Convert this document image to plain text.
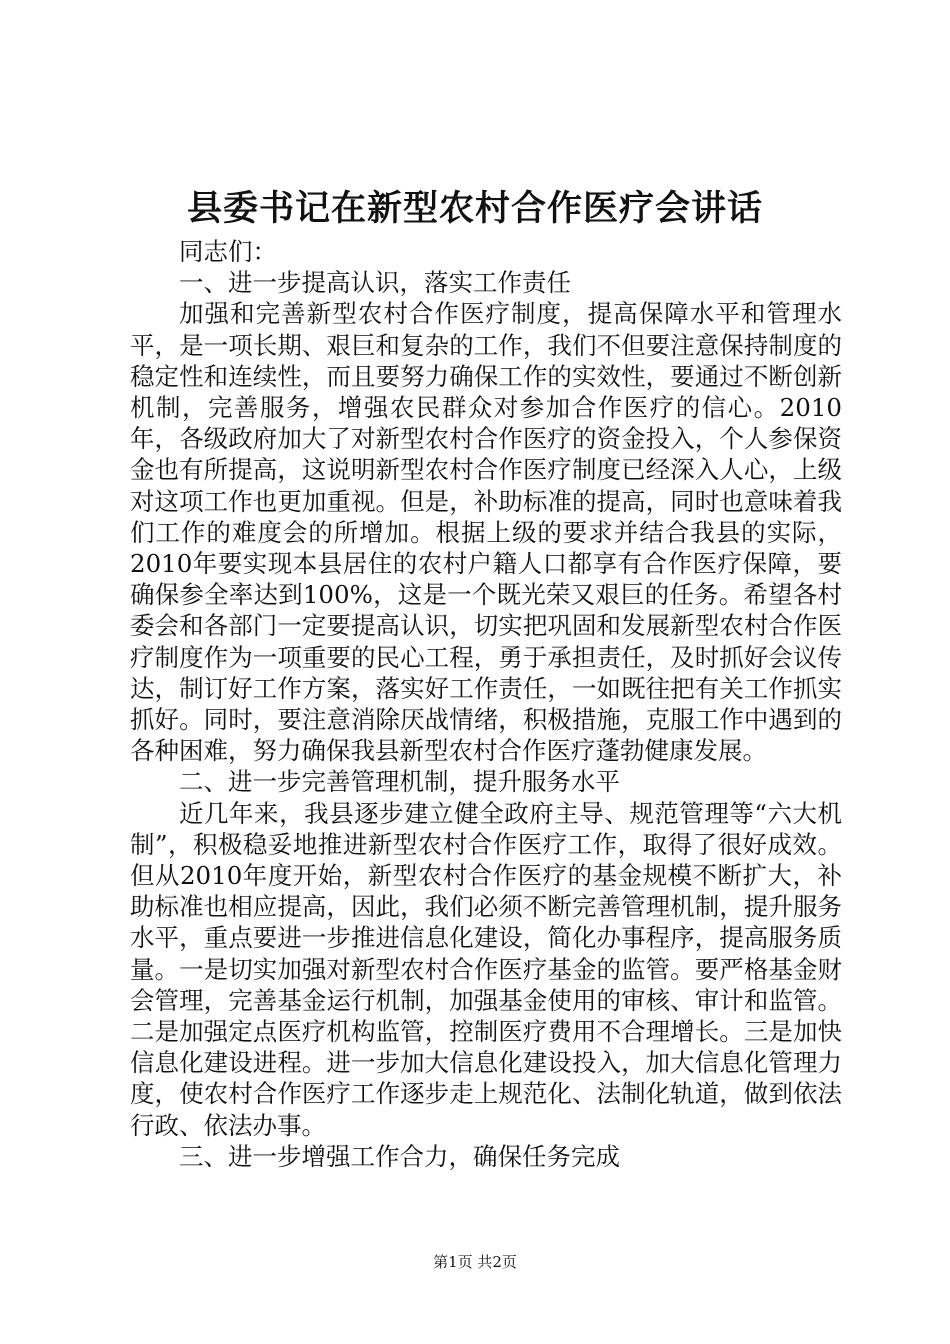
县委书记在新型农村合作医疗会讲话

同志们：

一、进一步提高认识，落实工作责任

加强和完善新型农村合作医疗制度，提高保障水平和管理水平，是一项长期、艰巨和复杂的工作，我们不但要注意保持制度的稳定性和连续性，而且要努力确保工作的实效性，要通过不断创新机制，完善服务，增强农民群众对参加合作医疗的信心。2010年，各级政府加大了对新型农村合作医疗的资金投入，个人参保资金也有所提高，这说明新型农村合作医疗制度已经深入人心，上级对这项工作也更加重视。但是，补助标准的提高，同时也意味着我们工作的难度会的所增加。根据上级的要求并结合我县的实际，2010年要实现本县居住的农村户籍人口都享有合作医疗保障，要确保参全率达到100%，这是一个既光荣又艰巨的任务。希望各村委会和各部门一定要提高认识，切实把巩固和发展新型农村合作医疗制度作为一项重要的民心工程，勇于承担责任，及时抓好会议传达，制订好工作方案，落实好工作责任，一如既往把有关工作抓实抓好。同时，要注意消除厌战情绪，积极措施，克服工作中遇到的各种困难，努力确保我县新型农村合作医疗蓬勃健康发展。

二、进一步完善管理机制，提升服务水平

近几年来，我县逐步建立健全政府主导、规范管理等“六大机制”，积极稳妥地推进新型农村合作医疗工作，取得了很好成效。但从2010年度开始，新型农村合作医疗的基金规模不断扩大，补助标准也相应提高，因此，我们必须不断完善管理机制，提升服务水平，重点要进一步推进信息化建设，简化办事程序，提高服务质量。一是切实加强对新型农村合作医疗基金的监管。要严格基金财会管理，完善基金运行机制，加强基金使用的审核、审计和监管。二是加强定点医疗机构监管，控制医疗费用不合理增长。三是加快信息化建设进程。进一步加大信息化建设投入，加大信息化管理力度，使农村合作医疗工作逐步走上规范化、法制化轨道，做到依法行政、依法办事。

三、进一步增强工作合力，确保任务完成

第1页 共2页
